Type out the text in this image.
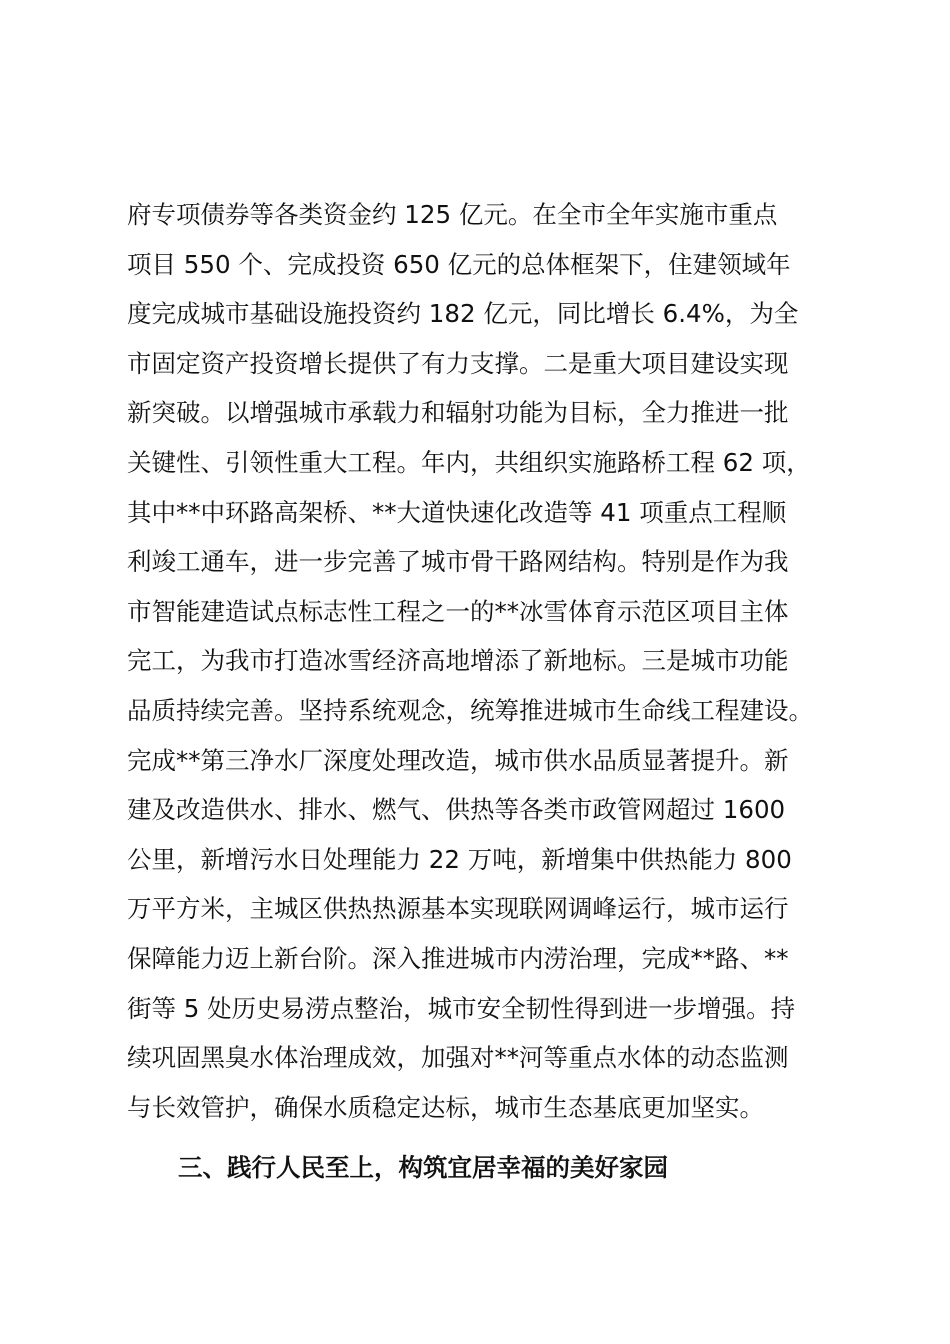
府专项债券等各类资金约 125 亿元。在全市全年实施市重点
项目 550 个、完成投资 650 亿元的总体框架下，住建领域年
度完成城市基础设施投资约 182 亿元，同比增长 6.4%，为全
市固定资产投资增长提供了有力支撑。二是重大项目建设实现
新突破。以增强城市承载力和辐射功能为目标，全力推进一批
关键性、引领性重大工程。年内，共组织实施路桥工程 62 项，
其中**中环路高架桥、**大道快速化改造等 41 项重点工程顺
利竣工通车，进一步完善了城市骨干路网结构。特别是作为我
市智能建造试点标志性工程之一的**冰雪体育示范区项目主体
完工，为我市打造冰雪经济高地增添了新地标。三是城市功能
品质持续完善。坚持系统观念，统筹推进城市生命线工程建设。
完成**第三净水厂深度处理改造，城市供水品质显著提升。新
建及改造供水、排水、燃气、供热等各类市政管网超过 1600
公里，新增污水日处理能力 22 万吨，新增集中供热能力 800
万平方米，主城区供热热源基本实现联网调峰运行，城市运行
保障能力迈上新台阶。深入推进城市内涝治理，完成**路、**
街等 5 处历史易涝点整治，城市安全韧性得到进一步增强。持
续巩固黑臭水体治理成效，加强对**河等重点水体的动态监测
与长效管护，确保水质稳定达标，城市生态基底更加坚实。
三、践行人民至上，构筑宜居幸福的美好家园
